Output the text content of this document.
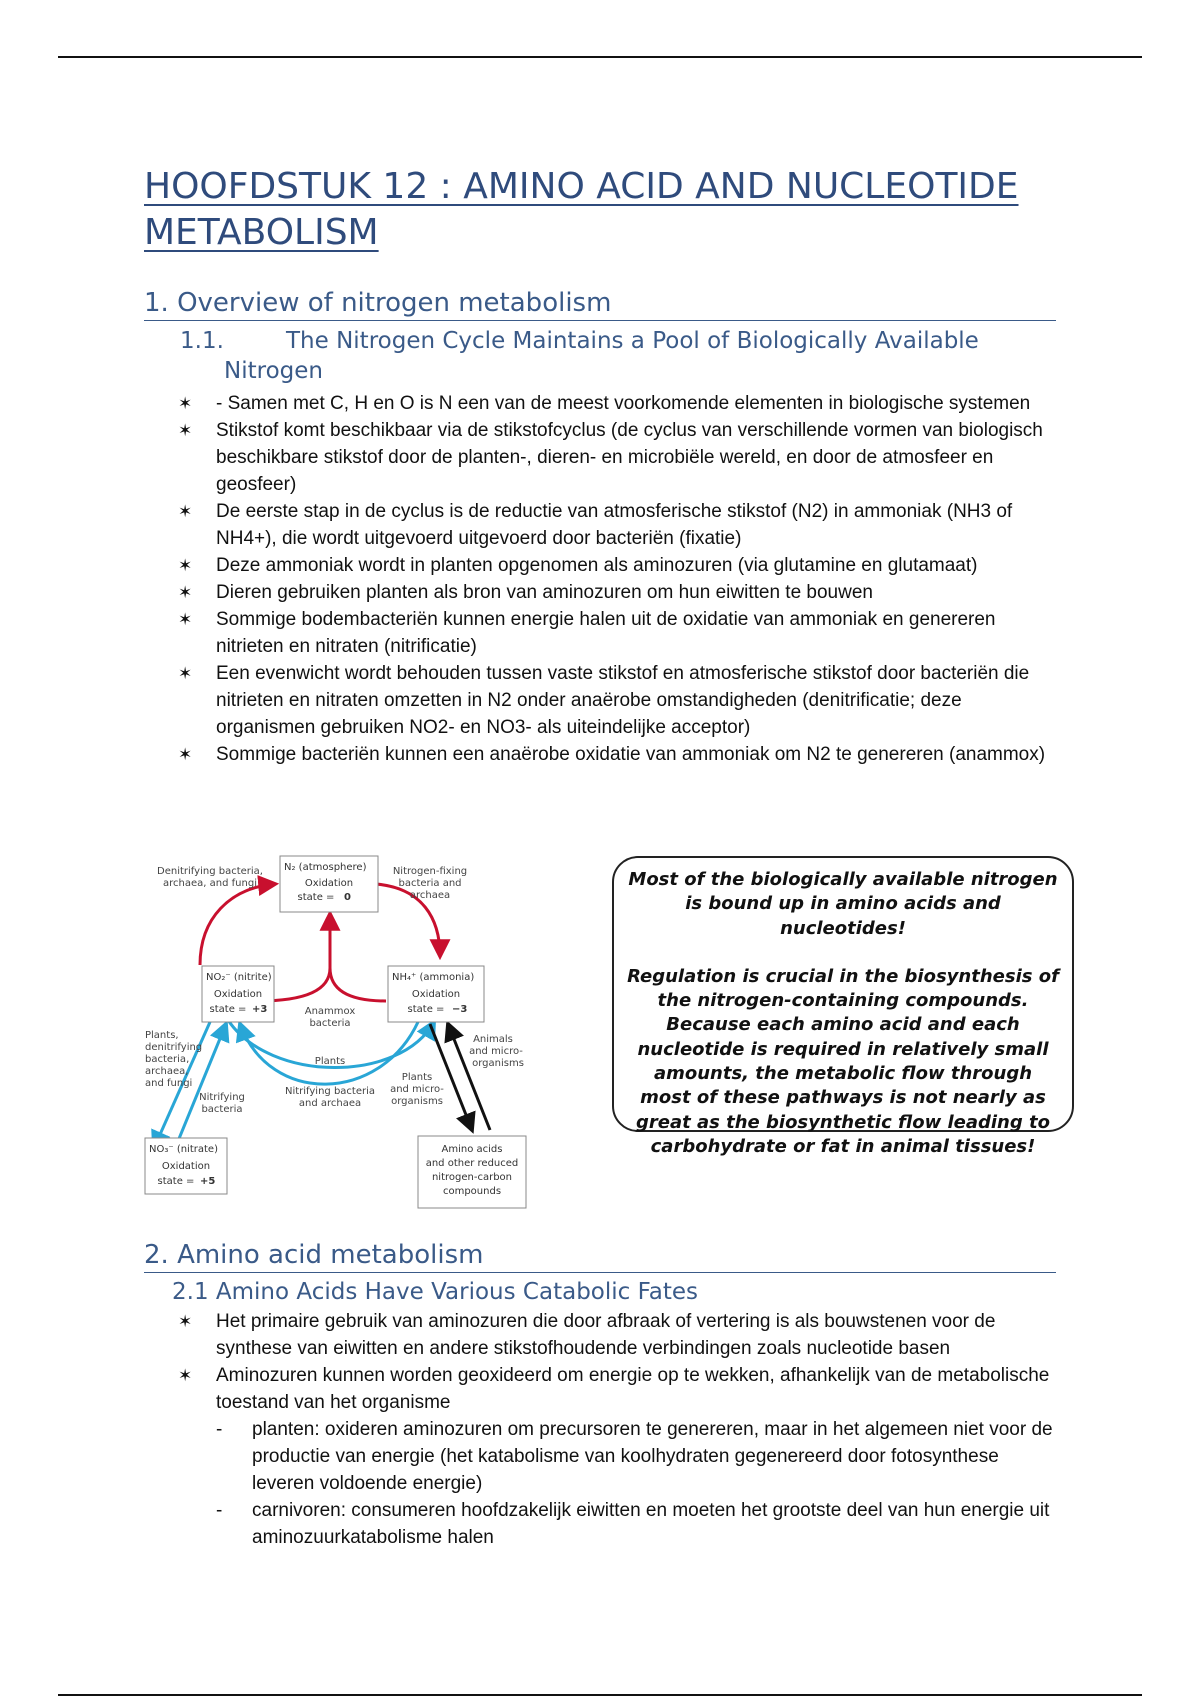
HOOFDSTUK 12 : AMINO ACID AND NUCLEOTIDE
METABOLISM
1. Overview of nitrogen metabolism
1.1.	The Nitrogen Cycle Maintains a Pool of Biologically Available
Nitrogen
✶ - Samen met C, H en O is N een van de meest voorkomende elementen in biologische systemen
✶ Stikstof komt beschikbaar via de stikstofcyclus (de cyclus van verschillende vormen van biologisch beschikbare stikstof door de planten-, dieren- en microbiële wereld, en door de atmosfeer en geosfeer)
✶ De eerste stap in de cyclus is de reductie van atmosferische stikstof (N2) in ammoniak (NH3 of NH4+), die wordt uitgevoerd uitgevoerd door bacteriën (fixatie)
✶ Deze ammoniak wordt in planten opgenomen als aminozuren (via glutamine en glutamaat)
✶ Dieren gebruiken planten als bron van aminozuren om hun eiwitten te bouwen
✶ Sommige bodembacteriën kunnen energie halen uit de oxidatie van ammoniak en genereren nitrieten en nitraten (nitrificatie)
✶ Een evenwicht wordt behouden tussen vaste stikstof en atmosferische stikstof door bacteriën die nitrieten en nitraten omzetten in N2 onder anaërobe omstandigheden (denitrificatie; deze organismen gebruiken NO2- en NO3- als uiteindelijke acceptor)
✶ Sommige bacteriën kunnen een anaërobe oxidatie van ammoniak om N2 te genereren (anammox)
N₂ (atmosphere)
Oxidation
state = 0
NO₂⁻ (nitrite)
Oxidation
state = +3
NH₄⁺ (ammonia)
Oxidation
state = −3
NO₃⁻ (nitrate)
Oxidation
state = +5
Amino acids
and other reduced
nitrogen-carbon
compounds
Denitrifying bacteria,
archaea, and fungi
Nitrogen-fixing
bacteria and
archaea
Anammox
bacteria
Plants
Nitrifying bacteria
and archaea
Plants,
denitrifying
bacteria,
archaea,
and fungi
Nitrifying
bacteria
Plants
and micro-
organisms
Animals
and micro-
organisms

Most of the biologically available nitrogen is bound up in amino acids and nucleotides!

Regulation is crucial in the biosynthesis of the nitrogen-containing compounds. Because each amino acid and each nucleotide is required in relatively small amounts, the metabolic flow through most of these pathways is not nearly as great as the biosynthetic flow leading to carbohydrate or fat in animal tissues!

2. Amino acid metabolism
2.1 Amino Acids Have Various Catabolic Fates
✶ Het primaire gebruik van aminozuren die door afbraak of vertering is als bouwstenen voor de synthese van eiwitten en andere stikstofhoudende verbindingen zoals nucleotide basen
✶ Aminozuren kunnen worden geoxideerd om energie op te wekken, afhankelijk van de metabolische toestand van het organisme
- planten: oxideren aminozuren om precursoren te genereren, maar in het algemeen niet voor de productie van energie (het katabolisme van koolhydraten gegenereerd door fotosynthese leveren voldoende energie)
- carnivoren: consumeren hoofdzakelijk eiwitten en moeten het grootste deel van hun energie uit aminozuurkatabolisme halen
